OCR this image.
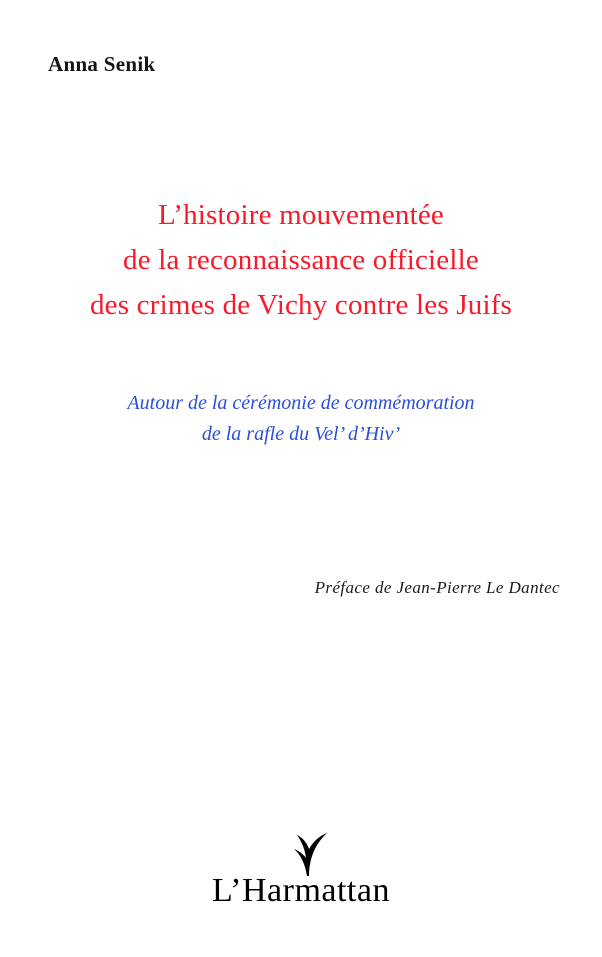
Anna Senik
L’histoire mouvementée
de la reconnaissance officielle
des crimes de Vichy contre les Juifs
Autour de la cérémonie de commémoration
de la rafle du Vel’ d’Hiv’
Préface de Jean-Pierre Le Dantec
L’Harmattan
